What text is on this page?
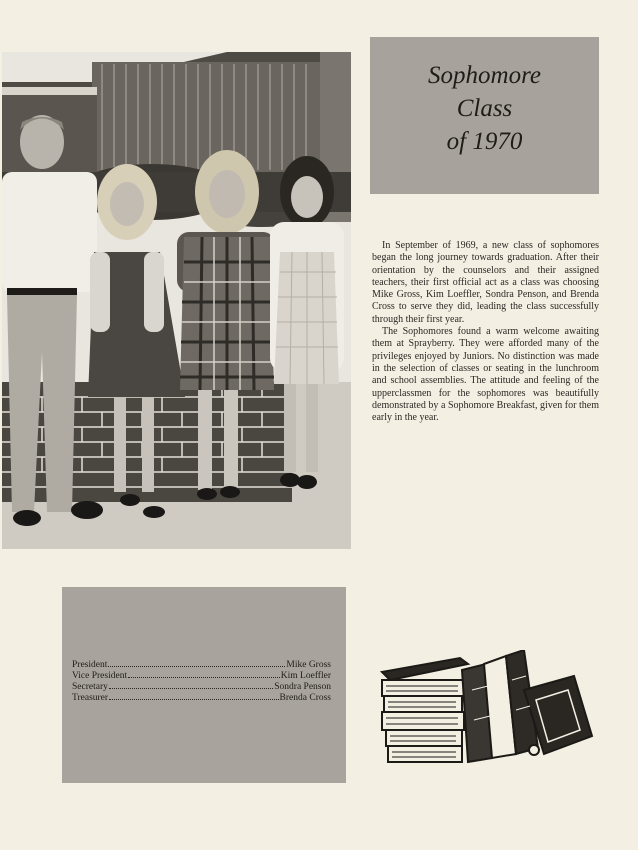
Sophomore
Class
of 1970

In September of 1969, a new class of sophomores began the long journey towards graduation. After their orientation by the counselors and their assigned teachers, their first official act as a class was choosing Mike Gross, Kim Loeffler, Sondra Penson, and Brenda Cross to serve they did, leading the class successfully through their first year.

The Sophomores found a warm welcome awaiting them at Sprayberry. They were afforded many of the privileges enjoyed by Juniors. No distinction was made in the selection of classes or seating in the lunchroom and school assemblies. The attitude and feeling of the upperclassmen for the sophomores was beautifully demonstrated by a Sophomore Breakfast, given for them early in the year.

President	Mike Gross
Vice President	Kim Loeffler
Secretary	Sondra Penson
Treasurer	Brenda Cross
